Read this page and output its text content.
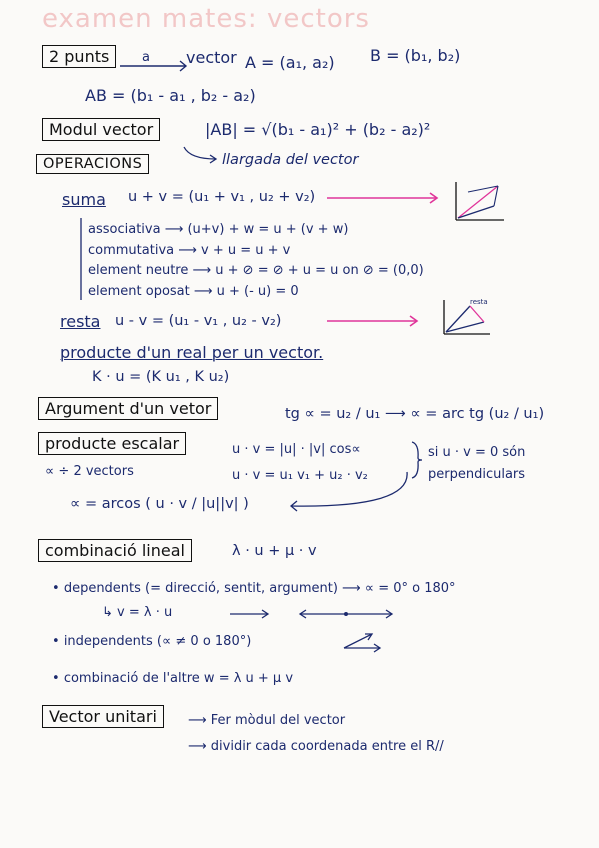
examen mates: vectors
2 punts	a	vector A = (a₁, a₂) B = (b₁, b₂)
AB = (b₁ - a₁ , b₂ - a₂)
Modul vector	|AB| = √(b₁ - a₁)² + (b₂ - a₂)²
llargada del vector
OPERACIONS
suma u + v = (u₁ + v₁ , u₂ + v₂)
associativa ⟶ (u+v) + w = u + (v + w)
commutativa ⟶ v + u = u + v
element neutre ⟶ u + ⊘ = ⊘ + u = u on ⊘ = (0,0)
element oposat ⟶ u + (- u) = 0
resta u - v = (u₁ - v₁ , u₂ - v₂)
resta
producte d'un real per un vector.
K · u = (K u₁ , K u₂)
Argument d'un vetor	tg ∝ = u₂ / u₁ ⟶ ∝ = arc tg (u₂ / u₁)
producte escalar	u · v = |u| · |v| cos∝
u · v = u₁ v₁ + u₂ · v₂
si u · v = 0 són perpendiculars
∝ ÷ 2 vectors
∝ = arcos ( u · v / |u||v| )
combinació lineal	λ · u + μ · v
• dependents (= direcció, sentit, argument) ⟶ ∝ = 0° o 180°
↳ v = λ · u
• independents (∝ ≠ 0 o 180°)
• combinació de l'altre w = λ u + μ v
Vector unitari	⟶ Fer mòdul del vector
⟶ dividir cada coordenada entre el R//
